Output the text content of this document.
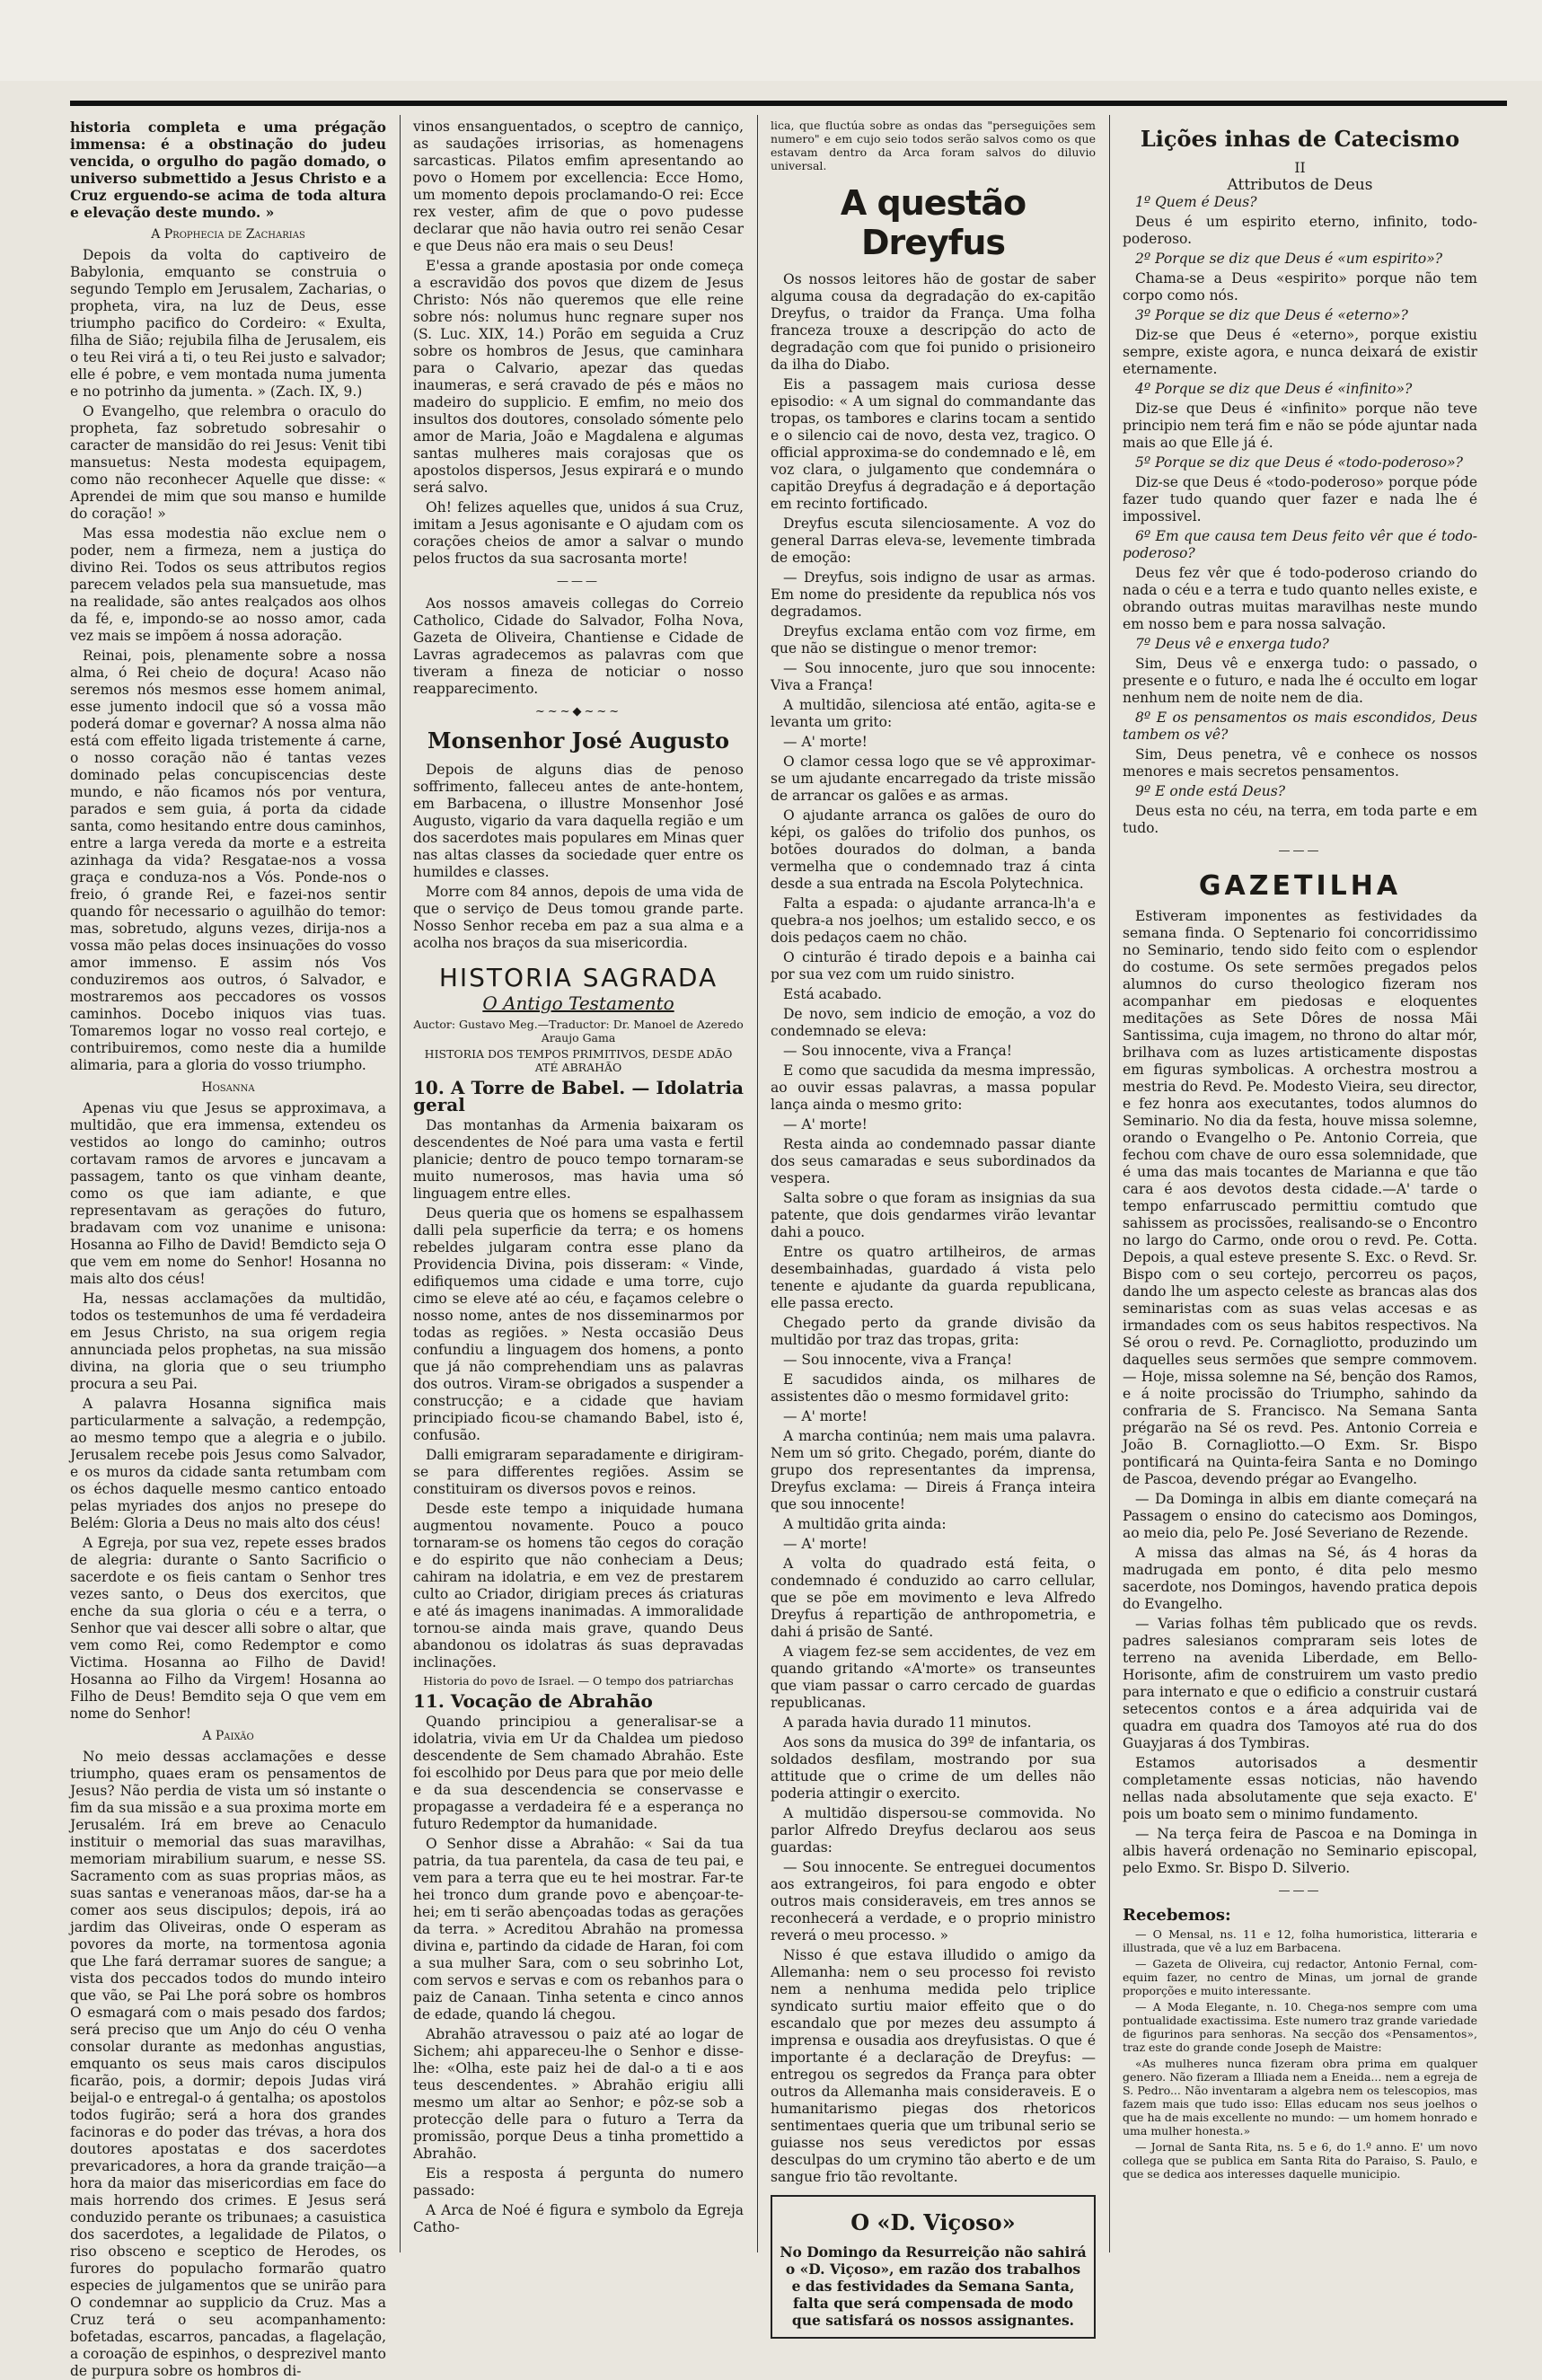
historia completa e uma prégação immensa: é a obstinação do judeu vencida, o orgulho do pagão domado, o universo submettido a Jesus Christo e a Cruz erguendo-se acima de toda altura e elevação deste mundo. »

A Prophecia de Zacharias

Depois da volta do captiveiro de Babylonia, emquanto se construia o segundo Templo em Jerusalem, Zacharias, o propheta, vira, na luz de Deus, esse triumpho pacifico do Cordeiro: « Exulta, filha de Sião; rejubila filha de Jerusalem, eis o teu Rei virá a ti, o teu Rei justo e salvador; elle é pobre, e vem montada numa jumenta e no potrinho da jumenta. » (Zach. IX, 9.)

O Evangelho, que relembra o oraculo do propheta, faz sobretudo sobresahir o caracter de mansidão do rei Jesus: Venit tibi mansuetus: Nesta modesta equipagem, como não reconhecer Aquelle que disse: « Aprendei de mim que sou manso e humilde do coração! »

Mas essa modestia não exclue nem o poder, nem a firmeza, nem a justiça do divino Rei. Todos os seus attributos regios parecem velados pela sua mansuetude, mas na realidade, são antes realçados aos olhos da fé, e, impondo-se ao nosso amor, cada vez mais se impõem á nossa adoração.

Reinai, pois, plenamente sobre a nossa alma, ó Rei cheio de doçura! Acaso não seremos nós mesmos esse homem animal, esse jumento indocil que só a vossa mão poderá domar e governar? A nossa alma não está com effeito ligada tristemente á carne, o nosso coração não é tantas vezes dominado pelas concupiscencias deste mundo, e não ficamos nós por ventura, parados e sem guia, á porta da cidade santa, como hesitando entre dous caminhos, entre a larga vereda da morte e a estreita azinhaga da vida? Resgatae-nos a vossa graça e conduza-nos a Vós. Ponde-nos o freio, ó grande Rei, e fazei-nos sentir quando fôr necessario o aguilhão do temor: mas, sobretudo, alguns vezes, dirija-nos a vossa mão pelas doces insinuações do vosso amor immenso. E assim nós Vos conduziremos aos outros, ó Salvador, e mostraremos aos peccadores os vossos caminhos. Docebo iniquos vias tuas. Tomaremos logar no vosso real cortejo, e contribuiremos, como neste dia a humilde alimaria, para a gloria do vosso triumpho.

Hosanna

Apenas viu que Jesus se approximava, a multidão, que era immensa, extendeu os vestidos ao longo do caminho; outros cortavam ramos de arvores e juncavam a passagem, tanto os que vinham deante, como os que iam adiante, e que representavam as gerações do futuro, bradavam com voz unanime e unisona: Hosanna ao Filho de David! Bemdicto seja O que vem em nome do Senhor! Hosanna no mais alto dos céus!

Ha, nessas acclamações da multidão, todos os testemunhos de uma fé verdadeira em Jesus Christo, na sua origem regia annunciada pelos prophetas, na sua missão divina, na gloria que o seu triumpho procura a seu Pai.

A palavra Hosanna significa mais particularmente a salvação, a redempção, ao mesmo tempo que a alegria e o jubilo. Jerusalem recebe pois Jesus como Salvador, e os muros da cidade santa retumbam com os échos daquelle mesmo cantico entoado pelas myriades dos anjos no presepe do Belém: Gloria a Deus no mais alto dos céus!

A Egreja, por sua vez, repete esses brados de alegria: durante o Santo Sacrificio o sacerdote e os fieis cantam o Senhor tres vezes santo, o Deus dos exercitos, que enche da sua gloria o céu e a terra, o Senhor que vai descer alli sobre o altar, que vem como Rei, como Redemptor e como Victima. Hosanna ao Filho de David! Hosanna ao Filho da Virgem! Hosanna ao Filho de Deus! Bemdito seja O que vem em nome do Senhor!

A Paixão

No meio dessas acclamações e desse triumpho, quaes eram os pensamentos de Jesus? Não perdia de vista um só instante o fim da sua missão e a sua proxima morte em Jerusalém. Irá em breve ao Cenaculo instituir o memorial das suas maravilhas, memoriam mirabilium suarum, e nesse SS. Sacramento com as suas proprias mãos, as suas santas e veneranoas mãos, dar-se ha a comer aos seus discipulos; depois, irá ao jardim das Oliveiras, onde O esperam as povores da morte, na tormentosa agonia que Lhe fará derramar suores de sangue; a vista dos peccados todos do mundo inteiro que vão, se Pai Lhe porá sobre os hombros O esmagará com o mais pesado dos fardos; será preciso que um Anjo do céu O venha consolar durante as medonhas angustias, emquanto os seus mais caros discipulos ficarão, pois, a dormir; depois Judas virá beijal-o e entregal-o á gentalha; os apostolos todos fugirão; será a hora dos grandes facinoras e do poder das trévas, a hora dos doutores apostatas e dos sacerdotes prevaricadores, a hora da grande traição—a hora da maior das misericordias em face do mais horrendo dos crimes. E Jesus será conduzido perante os tribunaes; a casuistica dos sacerdotes, a legalidade de Pilatos, o riso obsceno e sceptico de Herodes, os furores do populacho formarão quatro especies de julgamentos que se unirão para O condemnar ao supplicio da Cruz. Mas a Cruz terá o seu acompanhamento: bofetadas, escarros, pancadas, a flagelação, a coroação de espinhos, o desprezivel manto de purpura sobre os hombros di-

vinos ensanguentados, o sceptro de canniço, as saudações irrisorias, as homenagens sarcasticas. Pilatos emfim apresentando ao povo o Homem por excellencia: Ecce Homo, um momento depois proclamando-O rei: Ecce rex vester, afim de que o povo pudesse declarar que não havia outro rei senão Cesar e que Deus não era mais o seu Deus!

E'essa a grande apostasia por onde começa a escravidão dos povos que dizem de Jesus Christo: Nós não queremos que elle reine sobre nós: nolumus hunc regnare super nos (S. Luc. XIX, 14.) Porão em seguida a Cruz sobre os hombros de Jesus, que caminhara para o Calvario, apezar das quedas inaumeras, e será cravado de pés e mãos no madeiro do supplicio. E emfim, no meio dos insultos dos doutores, consolado sómente pelo amor de Maria, João e Magdalena e algumas santas mulheres mais corajosas que os apostolos dispersos, Jesus expirará e o mundo será salvo.

Oh! felizes aquelles que, unidos á sua Cruz, imitam a Jesus agonisante e O ajudam com os corações cheios de amor a salvar o mundo pelos fructos da sua sacrosanta morte!

———

Aos nossos amaveis collegas do Correio Catholico, Cidade do Salvador, Folha Nova, Gazeta de Oliveira, Chantiense e Cidade de Lavras agradecemos as palavras com que tiveram a fineza de noticiar o nosso reapparecimento.

~~~◆~~~
Monsenhor José Augusto

Depois de alguns dias de penoso soffrimento, falleceu antes de ante-hontem, em Barbacena, o illustre Monsenhor José Augusto, vigario da vara daquella região e um dos sacerdotes mais populares em Minas quer nas altas classes da sociedade quer entre os humildes e classes.

Morre com 84 annos, depois de uma vida de que o serviço de Deus tomou grande parte. Nosso Senhor receba em paz a sua alma e a acolha nos braços da sua misericordia.

HISTORIA SAGRADA
O Antigo Testamento

Auctor: Gustavo Meg.—Traductor: Dr. Manoel de Azeredo Araujo Gama

HISTORIA DOS TEMPOS PRIMITIVOS, DESDE ADÃO ATÉ ABRAHÃO

10. A Torre de Babel. — Idolatria geral

Das montanhas da Armenia baixaram os descendentes de Noé para uma vasta e fertil planicie; dentro de pouco tempo tornaram-se muito numerosos, mas havia uma só linguagem entre elles.

Deus queria que os homens se espalhassem dalli pela superficie da terra; e os homens rebeldes julgaram contra esse plano da Providencia Divina, pois disseram: « Vinde, edifiquemos uma cidade e uma torre, cujo cimo se eleve até ao céu, e façamos celebre o nosso nome, antes de nos disseminarmos por todas as regiões. » Nesta occasião Deus confundiu a linguagem dos homens, a ponto que já não comprehendiam uns as palavras dos outros. Viram-se obrigados a suspender a construcção; e a cidade que haviam principiado ficou-se chamando Babel, isto é, confusão.

Dalli emigraram separadamente e dirigiram-se para differentes regiões. Assim se constituiram os diversos povos e reinos.

Desde este tempo a iniquidade humana augmentou novamente. Pouco a pouco tornaram-se os homens tão cegos do coração e do espirito que não conheciam a Deus; cahiram na idolatria, e em vez de prestarem culto ao Criador, dirigiam preces ás criaturas e até ás imagens inanimadas. A immoralidade tornou-se ainda mais grave, quando Deus abandonou os idolatras ás suas depravadas inclinações.

Historia do povo de Israel. — O tempo dos patriarchas

11. Vocação de Abrahão

Quando principiou a generalisar-se a idolatria, vivia em Ur da Chaldea um piedoso descendente de Sem chamado Abrahão. Este foi escolhido por Deus para que por meio delle e da sua descendencia se conservasse e propagasse a verdadeira fé e a esperança no futuro Redemptor da humanidade.

O Senhor disse a Abrahão: « Sai da tua patria, da tua parentela, da casa de teu pai, e vem para a terra que eu te hei mostrar. Far-te hei tronco dum grande povo e abençoar-te-hei; em ti serão abençoadas todas as gerações da terra. » Acreditou Abrahão na promessa divina e, partindo da cidade de Haran, foi com a sua mulher Sara, com o seu sobrinho Lot, com servos e servas e com os rebanhos para o paiz de Canaan. Tinha setenta e cinco annos de edade, quando lá chegou.

Abrahão atravessou o paiz até ao logar de Sichem; ahi appareceu-lhe o Senhor e disse-lhe: «Olha, este paiz hei de dal-o a ti e aos teus descendentes. » Abrahão erigiu alli mesmo um altar ao Senhor; e pôz-se sob a protecção delle para o futuro a Terra da promissão, porque Deus a tinha promettido a Abrahão.

Eis a resposta á pergunta do numero passado:

A Arca de Noé é figura e symbolo da Egreja Catho-

lica, que fluctúa sobre as ondas das "perseguições sem numero" e em cujo seio todos serão salvos como os que estavam dentro da Arca foram salvos do diluvio universal.

A questão Dreyfus

Os nossos leitores hão de gostar de saber alguma cousa da degradação do ex-capitão Dreyfus, o traidor da França. Uma folha franceza trouxe a descripção do acto de degradação com que foi punido o prisioneiro da ilha do Diabo.

Eis a passagem mais curiosa desse episodio: « A um signal do commandante das tropas, os tambores e clarins tocam a sentido e o silencio cai de novo, desta vez, tragico. O official approxima-se do condemnado e lê, em voz clara, o julgamento que condemnára o capitão Dreyfus á degradação e á deportação em recinto fortificado.

Dreyfus escuta silenciosamente. A voz do general Darras eleva-se, levemente timbrada de emoção:

— Dreyfus, sois indigno de usar as armas. Em nome do presidente da republica nós vos degradamos.

Dreyfus exclama então com voz firme, em que não se distingue o menor tremor:

— Sou innocente, juro que sou innocente: Viva a França!

A multidão, silenciosa até então, agita-se e levanta um grito:

— A' morte!

O clamor cessa logo que se vê approximar-se um ajudante encarregado da triste missão de arrancar os galões e as armas.

O ajudante arranca os galões de ouro do képi, os galões do trifolio dos punhos, os botões dourados do dolman, a banda vermelha que o condemnado traz á cinta desde a sua entrada na Escola Polytechnica.

Falta a espada: o ajudante arranca-lh'a e quebra-a nos joelhos; um estalido secco, e os dois pedaços caem no chão.

O cinturão é tirado depois e a bainha cai por sua vez com um ruido sinistro.

Está acabado.

De novo, sem indicio de emoção, a voz do condemnado se eleva:

— Sou innocente, viva a França!

E como que sacudida da mesma impressão, ao ouvir essas palavras, a massa popular lança ainda o mesmo grito:

— A' morte!

Resta ainda ao condemnado passar diante dos seus camaradas e seus subordinados da vespera.

Salta sobre o que foram as insignias da sua patente, que dois gendarmes virão levantar dahi a pouco.

Entre os quatro artilheiros, de armas desembainhadas, guardado á vista pelo tenente e ajudante da guarda republicana, elle passa erecto.

Chegado perto da grande divisão da multidão por traz das tropas, grita:

— Sou innocente, viva a França!

E sacudidos ainda, os milhares de assistentes dão o mesmo formidavel grito:

— A' morte!

A marcha continúa; nem mais uma palavra. Nem um só grito. Chegado, porém, diante do grupo dos representantes da imprensa, Dreyfus exclama: — Direis á França inteira que sou innocente!

A multidão grita ainda:

— A' morte!

A volta do quadrado está feita, o condemnado é conduzido ao carro cellular, que se põe em movimento e leva Alfredo Dreyfus á repartição de anthropometria, e dahi á prisão de Santé.

A viagem fez-se sem accidentes, de vez em quando gritando «A'morte» os transeuntes que viam passar o carro cercado de guardas republicanas.

A parada havia durado 11 minutos.

Aos sons da musica do 39º de infantaria, os soldados desfilam, mostrando por sua attitude que o crime de um delles não poderia attingir o exercito.

A multidão dispersou-se commovida. No parlor Alfredo Dreyfus declarou aos seus guardas:

— Sou innocente. Se entreguei documentos aos extrangeiros, foi para engodo e obter outros mais consideraveis, em tres annos se reconhecerá a verdade, e o proprio ministro reverá o meu processo. »

Nisso é que estava illudido o amigo da Allemanha: nem o seu processo foi revisto nem a nenhuma medida pelo triplice syndicato surtiu maior effeito que o do escandalo que por mezes deu assumpto á imprensa e ousadia aos dreyfusistas. O que é importante é a declaração de Dreyfus: — entregou os segredos da França para obter outros da Allemanha mais consideraveis. E o humanitarismo piegas dos rhetoricos sentimentaes queria que um tribunal serio se guiasse nos seus veredictos por essas desculpas do um crymino tão aberto e de um sangue frio tão revoltante.

O «D. Viçoso»

No Domingo da Resurreição não sahirá o «D. Viçoso», em razão dos trabalhos e das festividades da Semana Santa, falta que será compensada de modo que satisfará os nossos assignantes.

Lições inhas de Catecismo
II
Attributos de Deus

1º Quem é Deus?

Deus é um espirito eterno, infinito, todo-poderoso.

2º Porque se diz que Deus é «um espirito»?

Chama-se a Deus «espirito» porque não tem corpo como nós.

3º Porque se diz que Deus é «eterno»?

Diz-se que Deus é «eterno», porque existiu sempre, existe agora, e nunca deixará de existir eternamente.

4º Porque se diz que Deus é «infinito»?

Diz-se que Deus é «infinito» porque não teve principio nem terá fim e não se póde ajuntar nada mais ao que Elle já é.

5º Porque se diz que Deus é «todo-poderoso»?

Diz-se que Deus é «todo-poderoso» porque póde fazer tudo quando quer fazer e nada lhe é impossivel.

6º Em que causa tem Deus feito vêr que é todo-poderoso?

Deus fez vêr que é todo-poderoso criando do nada o céu e a terra e tudo quanto nelles existe, e obrando outras muitas maravilhas neste mundo em nosso bem e para nossa salvação.

7º Deus vê e enxerga tudo?

Sim, Deus vê e enxerga tudo: o passado, o presente e o futuro, e nada lhe é occulto em logar nenhum nem de noite nem de dia.

8º E os pensamentos os mais escondidos, Deus tambem os vê?

Sim, Deus penetra, vê e conhece os nossos menores e mais secretos pensamentos.

9º E onde está Deus?

Deus esta no céu, na terra, em toda parte e em tudo.

———
GAZETILHA

Estiveram imponentes as festividades da semana finda. O Septenario foi concorridissimo no Seminario, tendo sido feito com o esplendor do costume. Os sete sermões pregados pelos alumnos do curso theologico fizeram nos acompanhar em piedosas e eloquentes meditações as Sete Dôres de nossa Mãi Santissima, cuja imagem, no throno do altar mór, brilhava com as luzes artisticamente dispostas em figuras symbolicas. A orchestra mostrou a mestria do Revd. Pe. Modesto Vieira, seu director, e fez honra aos executantes, todos alumnos do Seminario. No dia da festa, houve missa solemne, orando o Evangelho o Pe. Antonio Correia, que fechou com chave de ouro essa solemnidade, que é uma das mais tocantes de Marianna e que tão cara é aos devotos desta cidade.—A' tarde o tempo enfarruscado permittiu comtudo que sahissem as procissões, realisando-se o Encontro no largo do Carmo, onde orou o revd. Pe. Cotta. Depois, a qual esteve presente S. Exc. o Revd. Sr. Bispo com o seu cortejo, percorreu os paços, dando lhe um aspecto celeste as brancas alas dos seminaristas com as suas velas accesas e as irmandades com os seus habitos respectivos. Na Sé orou o revd. Pe. Cornagliotto, produzindo um daquelles seus sermões que sempre commovem. — Hoje, missa solemne na Sé, benção dos Ramos, e á noite procissão do Triumpho, sahindo da confraria de S. Francisco. Na Semana Santa prégarão na Sé os revd. Pes. Antonio Correia e João B. Cornagliotto.—O Exm. Sr. Bispo pontificará na Quinta-feira Santa e no Domingo de Pascoa, devendo prégar ao Evangelho.

— Da Dominga in albis em diante começará na Passagem o ensino do catecismo aos Domingos, ao meio dia, pelo Pe. José Severiano de Rezende.

A missa das almas na Sé, ás 4 horas da madrugada em ponto, é dita pelo mesmo sacerdote, nos Domingos, havendo pratica depois do Evangelho.

— Varias folhas têm publicado que os revds. padres salesianos compraram seis lotes de terreno na avenida Liberdade, em Bello-Horisonte, afim de construirem um vasto predio para internato e que o edificio a construir custará setecentos contos e a área adquirida vai de quadra em quadra dos Tamoyos até rua do dos Guayjaras á dos Tymbiras.

Estamos autorisados a desmentir completamente essas noticias, não havendo nellas nada absolutamente que seja exacto. E' pois um boato sem o minimo fundamento.

— Na terça feira de Pascoa e na Dominga in albis haverá ordenação no Seminario episcopal, pelo Exmo. Sr. Bispo D. Silverio.

———
Recebemos:

— O Mensal, ns. 11 e 12, folha humoristica, litteraria e illustrada, que vê a luz em Barbacena.

— Gazeta de Oliveira, cuj redactor, Antonio Fernal, com-equim fazer, no centro de Minas, um jornal de grande proporções e muito interessante.

— A Moda Elegante, n. 10. Chega-nos sempre com uma pontualidade exactissima. Este numero traz grande variedade de figurinos para senhoras. Na secção dos «Pensamentos», traz este do grande conde Joseph de Maistre:

«As mulheres nunca fizeram obra prima em qualquer genero. Não fizeram a Illiada nem a Eneida... nem a egreja de S. Pedro... Não inventaram a algebra nem os telescopios, mas fazem mais que tudo isso: Ellas educam nos seus joelhos o que ha de mais excellente no mundo: — um homem honrado e uma mulher honesta.»

— Jornal de Santa Rita, ns. 5 e 6, do 1.º anno. E' um novo collega que se publica em Santa Rita do Paraiso, S. Paulo, e que se dedica aos interesses daquelle municipio.
